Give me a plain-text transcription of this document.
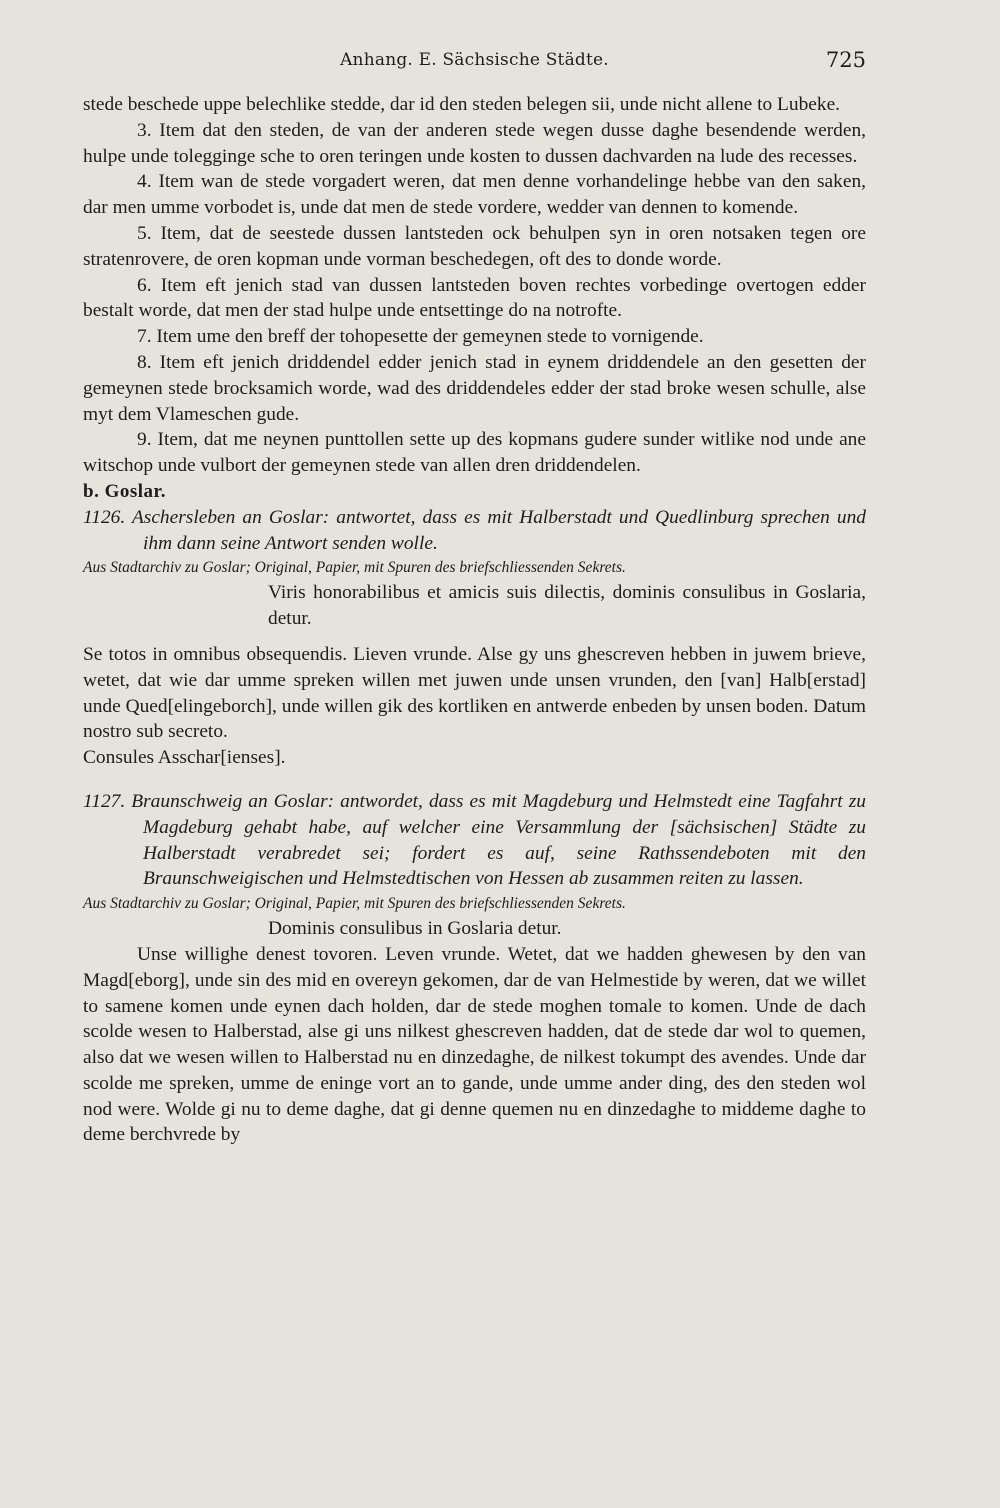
Anhang. E. Sächsische Städte.	725

stede beschede uppe belechlike stedde, dar id den steden belegen sii, unde nicht allene to Lubeke.

3. Item dat den steden, de van der anderen stede wegen dusse daghe besendende werden, hulpe unde toleggingе sche to oren teringen unde kosten to dussen dachvarden na lude des recesses.

4. Item wan de stede vorgadert weren, dat men denne vorhandelinge hebbe van den saken, dar men umme vorbodet is, unde dat men de stede vordere, wedder van dennen to komende.

5. Item, dat de seestede dussen lantsteden ock behulpen syn in oren notsaken tegen ore stratenrovere, de oren kopman unde vorman beschedegen, oft des to donde worde.

6. Item eft jenich stad van dussen lantsteden boven rechtes vorbedinge overtogen edder bestalt worde, dat men der stad hulpe unde entsettinge do na notrofte.

7. Item ume den breff der tohopesette der gemeynen stede to vornigende.

8. Item eft jenich driddendel edder jenich stad in eynem driddendele an den gesetten der gemeynen stede brocksamich worde, wad des driddendeles edder der stad broke wesen schulle, alse myt dem Vlameschen gude.

9. Item, dat me neynen punttollen sette up des kopmans gudere sunder witlike nod unde ane witschop unde vulbort der gemeynen stede van allen dren driddendelen.

b. Goslar.

1126. Aschersleben an Goslar: antwortet, dass es mit Halberstadt und Quedlinburg sprechen und ihm dann seine Antwort senden wolle.

Aus Stadtarchiv zu Goslar; Original, Papier, mit Spuren des briefschliessenden Sekrets.

Viris honorabilibus et amicis suis dilectis, dominis consulibus in Goslaria, detur.

Se totos in omnibus obsequendis. Lieven vrunde. Alse gy uns ghescreven hebben in juwem brieve, wetet, dat wie dar umme spreken willen met juwen unde unsen vrunden, den [van] Halb[erstad] unde Qued[elingeborch], unde willen gik des kortliken en antwerde enbeden by unsen boden. Datum nostro sub secreto.

Consules Asschar[ienses].

1127. Braunschweig an Goslar: antwordet, dass es mit Magdeburg und Helmstedt eine Tagfahrt zu Magdeburg gehabt habe, auf welcher eine Versammlung der [sächsischen] Städte zu Halberstadt verabredet sei; fordert es auf, seine Rathssendeboten mit den Braunschweigischen und Helmstedtischen von Hessen ab zusammen reiten zu lassen.

Aus Stadtarchiv zu Goslar; Original, Papier, mit Spuren des briefschliessenden Sekrets.

Dominis consulibus in Goslaria detur.

Unse willighe denest tovoren. Leven vrunde. Wetet, dat we hadden ghewesen by den van Magd[eborg], unde sin des mid en overeyn gekomen, dar de van Helmestide by weren, dat we willet to samene komen unde eynen dach holden, dar de stede moghen tomale to komen. Unde de dach scolde wesen to Halberstad, alse gi uns nilkest ghescreven hadden, dat de stede dar wol to quemen, also dat we wesen willen to Halberstad nu en dinzedaghe, de nilkest tokumpt des avendes. Unde dar scolde me spreken, umme de eninge vort an to gande, unde umme ander ding, des den steden wol nod were. Wolde gi nu to deme daghe, dat gi denne quemen nu en dinzedaghe to middeme daghe to deme berchvrede by
